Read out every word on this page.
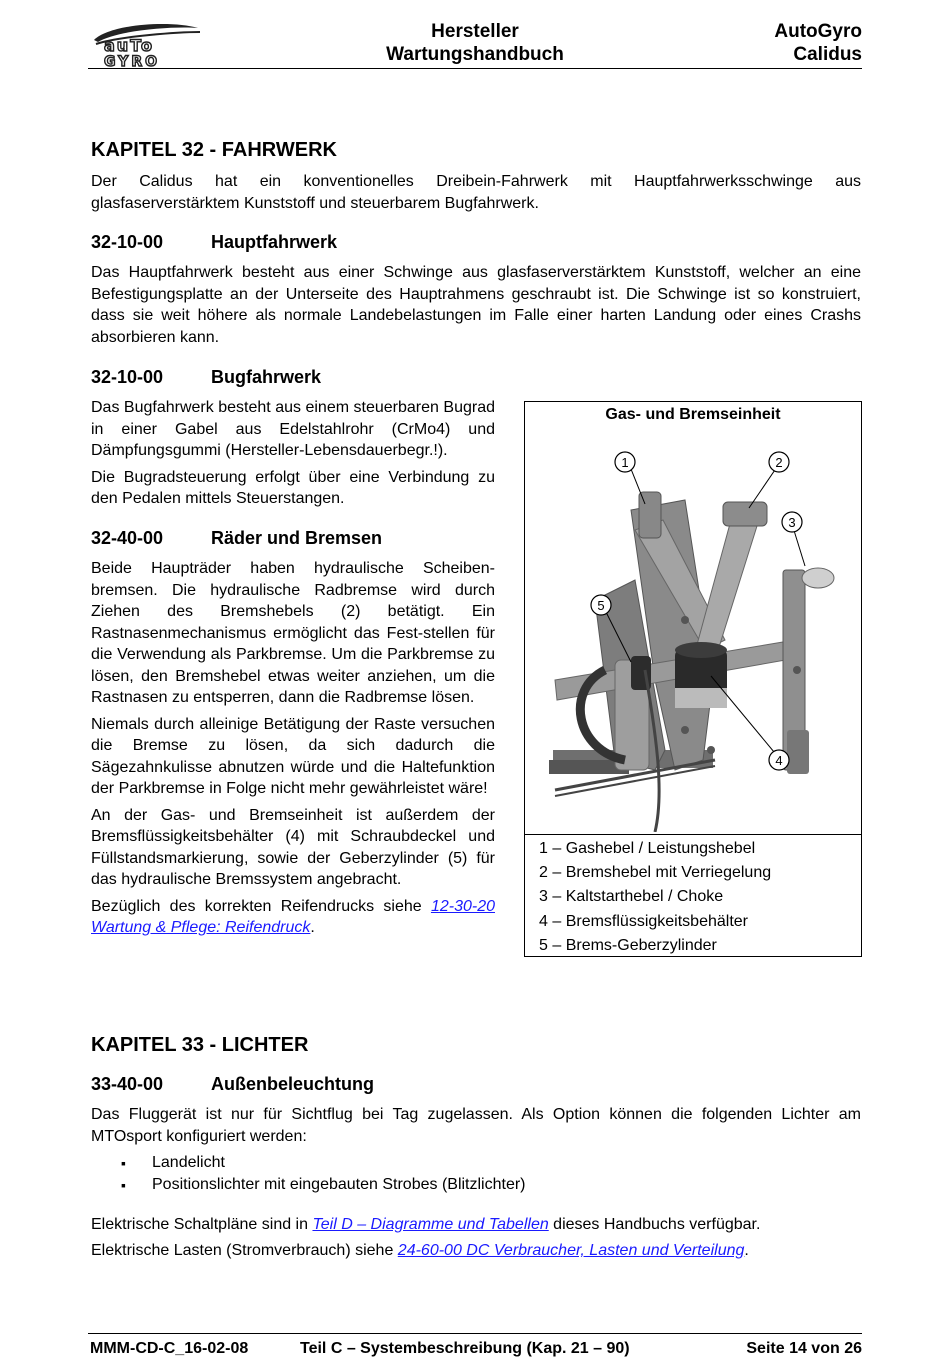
auTo
GYRO
Hersteller
Wartungshandbuch
AutoGyro
Calidus
KAPITEL 32 - FAHRWERK

Der Calidus hat ein konventionelles Dreibein-Fahrwerk mit Hauptfahrwerksschwinge aus glasfaserverstärktem Kunststoff und steuerbarem Bugfahrwerk.

32-10-00	Hauptfahrwerk

Das Hauptfahrwerk besteht aus einer Schwinge aus glasfaserverstärktem Kunststoff, welcher an eine Befestigungsplatte an der Unterseite des Hauptrahmens geschraubt ist. Die Schwinge ist so konstruiert, dass sie weit höhere als normale Landebelastungen im Falle einer harten Landung oder eines Crashs absorbieren kann.

32-10-00	Bugfahrwerk

Das Bugfahrwerk besteht aus einem steuerbaren Bugrad in einer Gabel aus Edelstahlrohr (CrMo4) und Dämpfungsgummi (Hersteller-Lebensdauerbegr.!).

Die Bugradsteuerung erfolgt über eine Verbindung zu den Pedalen mittels Steuerstangen.

32-40-00	Räder und Bremsen

Beide Haupträder haben hydraulische Scheiben-bremsen. Die hydraulische Radbremse wird durch Ziehen des Bremshebels (2) betätigt. Ein Rastnasenmechanismus ermöglicht das Fest-stellen für die Verwendung als Parkbremse. Um die Parkbremse zu lösen, den Bremshebel etwas weiter anziehen, um die Rastnasen zu entsperren, dann die Radbremse lösen.

Niemals durch alleinige Betätigung der Raste versuchen die Bremse zu lösen, da sich dadurch die Sägezahnkulisse abnutzen würde und die Haltefunktion der Parkbremse in Folge nicht mehr gewährleistet wäre!

An der Gas- und Bremseinheit ist außerdem der Bremsflüssigkeitsbehälter (4) mit Schraubdeckel und Füllstandsmarkierung, sowie der Geberzylinder (5) für das hydraulische Bremssystem angebracht.

Bezüglich des korrekten Reifendrucks siehe 12-30-20 Wartung & Pflege: Reifendruck.

KAPITEL 33 - LICHTER
33-40-00	Außenbeleuchtung

Das Fluggerät ist nur für Sichtflug bei Tag zugelassen. Als Option können die folgenden Lichter am MTOsport konfiguriert werden:

▪ Landelicht
▪ Positionslichter mit eingebauten Strobes (Blitzlichter)

Elektrische Schaltpläne sind in Teil D – Diagramme und Tabellen dieses Handbuchs verfügbar.

Elektrische Lasten (Stromverbrauch) siehe 24-60-00 DC Verbraucher, Lasten und Verteilung.

Gas- und Bremseinheit
1	2
3
4
5
1 – Gashebel / Leistungshebel
2 – Bremshebel mit Verriegelung
3 – Kaltstarthebel / Choke
4 – Bremsflüssigkeitsbehälter
5 – Brems-Geberzylinder
MMM-CD-C_16-02-08	Teil C – Systembeschreibung (Kap. 21 – 90)	Seite 14 von 26
